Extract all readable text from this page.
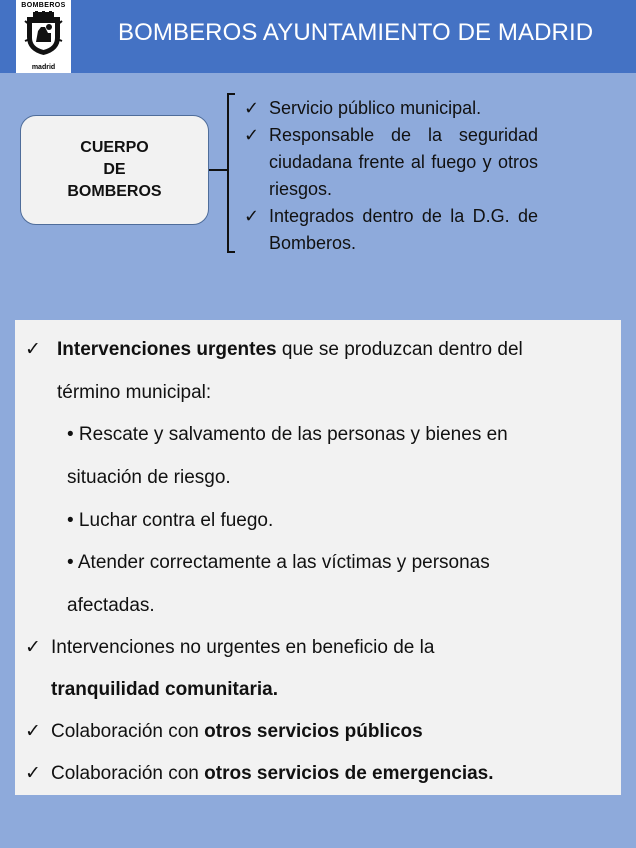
BOMBEROS
madrid
BOMBEROS AYUNTAMIENTO DE MADRID
CUERPO
DE
BOMBEROS
✓ Servicio público municipal.
✓ Responsable de la seguridad ciudadana frente al fuego y otros riesgos.
✓ Integrados dentro de la D.G. de Bomberos.
✓ Intervenciones urgentes que se produzcan dentro del
término municipal:
• Rescate y salvamento de las personas y bienes en
situación de riesgo.
• Luchar contra el fuego.
• Atender correctamente a las víctimas y personas
afectadas.
✓ Intervenciones no urgentes en beneficio de la
tranquilidad comunitaria.
✓ Colaboración con otros servicios públicos
✓ Colaboración con otros servicios de emergencias.
